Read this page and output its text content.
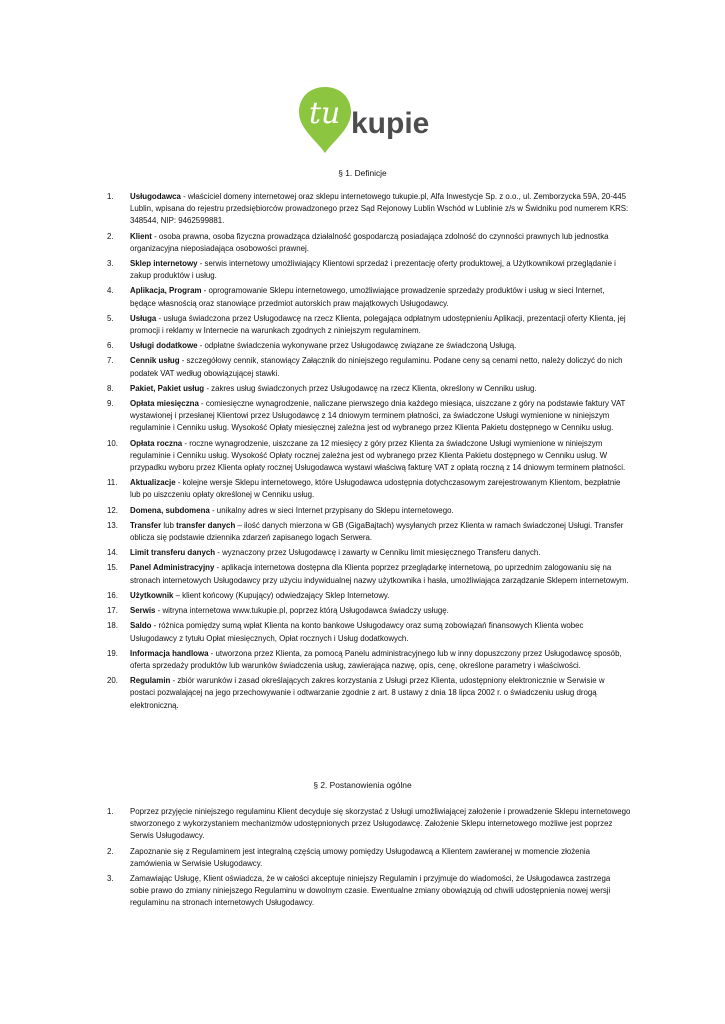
tu kupie
§ 1. Definicje
1. Usługodawca - właściciel domeny internetowej oraz sklepu internetowego tukupie.pl, Alfa Inwestycje Sp. z o.o., ul. Zemborzycka 59A, 20-445 Lublin, wpisana do rejestru przedsiębiorców prowadzonego przez Sąd Rejonowy Lublin Wschód w Lublinie z/s w Świdniku pod numerem KRS: 348544, NIP: 9462599881.
2. Klient - osoba prawna, osoba fizyczna prowadząca działalność gospodarczą posiadająca zdolność do czynności prawnych lub jednostka organizacyjna nieposiadająca osobowości prawnej.
3. Sklep internetowy - serwis internetowy umożliwiający Klientowi sprzedaż i prezentację oferty produktowej, a Użytkownikowi przeglądanie i zakup produktów i usług.
4. Aplikacja, Program - oprogramowanie Sklepu internetowego, umożliwiające prowadzenie sprzedaży produktów i usług w sieci Internet, będące własnością oraz stanowiące przedmiot autorskich praw majątkowych Usługodawcy.
5. Usługa - usługa świadczona przez Usługodawcę na rzecz Klienta, polegająca odpłatnym udostępnieniu Aplikacji, prezentacji oferty Klienta, jej promocji i reklamy w Internecie na warunkach zgodnych z niniejszym regulaminem.
6. Usługi dodatkowe - odpłatne świadczenia wykonywane przez Usługodawcę związane ze świadczoną Usługą.
7. Cennik usług - szczegółowy cennik, stanowiący Załącznik do niniejszego regulaminu. Podane ceny są cenami netto, należy doliczyć do nich podatek VAT według obowiązującej stawki.
8. Pakiet, Pakiet usług - zakres usług świadczonych przez Usługodawcę na rzecz Klienta, określony w Cenniku usług.
9. Opłata miesięczna - comiesięczne wynagrodzenie, naliczane pierwszego dnia każdego miesiąca, uiszczane z góry na podstawie faktury VAT wystawionej i przesłanej Klientowi przez Usługodawcę z 14 dniowym terminem płatności, za świadczone Usługi wymienione w niniejszym regulaminie i Cenniku usług. Wysokość Opłaty miesięcznej zależna jest od wybranego przez Klienta Pakietu dostępnego w Cenniku usług.
10. Opłata roczna - roczne wynagrodzenie, uiszczane za 12 miesięcy z góry przez Klienta za świadczone Usługi wymienione w niniejszym regulaminie i Cenniku usług. Wysokość Opłaty rocznej zależna jest od wybranego przez Klienta Pakietu dostępnego w Cenniku usług. W przypadku wyboru przez Klienta opłaty rocznej Usługodawca wystawi właściwą fakturę VAT z opłatą roczną z 14 dniowym terminem płatności.
11. Aktualizacje - kolejne wersje Sklepu internetowego, które Usługodawca udostępnia dotychczasowym zarejestrowanym Klientom, bezpłatnie lub po uiszczeniu opłaty określonej w Cenniku usług.
12. Domena, subdomena - unikalny adres w sieci Internet przypisany do Sklepu internetowego.
13. Transfer lub transfer danych – ilość danych mierzona w GB (GigaBajtach) wysyłanych przez Klienta w ramach świadczonej Usługi. Transfer oblicza się podstawie dziennika zdarzeń zapisanego logach Serwera.
14. Limit transferu danych - wyznaczony przez Usługodawcę i zawarty w Cenniku limit miesięcznego Transferu danych.
15. Panel Administracyjny - aplikacja internetowa dostępna dla Klienta poprzez przeglądarkę internetową, po uprzednim zalogowaniu się na stronach internetowych Usługodawcy przy użyciu indywidualnej nazwy użytkownika i hasła, umożliwiająca zarządzanie Sklepem internetowym.
16. Użytkownik – klient końcowy (Kupujący) odwiedzający Sklep Internetowy.
17. Serwis - witryna internetowa www.tukupie.pl, poprzez którą Usługodawca świadczy usługę.
18. Saldo - różnica pomiędzy sumą wpłat Klienta na konto bankowe Usługodawcy oraz sumą zobowiązań finansowych Klienta wobec Usługodawcy z tytułu Opłat miesięcznych, Opłat rocznych i Usług dodatkowych.
19. Informacja handlowa - utworzona przez Klienta, za pomocą Panelu administracyjnego lub w inny dopuszczony przez Usługodawcę sposób, oferta sprzedaży produktów lub warunków świadczenia usług, zawierająca nazwę, opis, cenę, określone parametry i właściwości.
20. Regulamin - zbiór warunków i zasad określających zakres korzystania z Usługi przez Klienta, udostępniony elektronicznie w Serwisie w postaci pozwalającej na jego przechowywanie i odtwarzanie zgodnie z art. 8 ustawy z dnia 18 lipca 2002 r. o świadczeniu usług drogą elektroniczną.
§ 2. Postanowienia ogólne
1. Poprzez przyjęcie niniejszego regulaminu Klient decyduje się skorzystać z Usługi umożliwiającej założenie i prowadzenie Sklepu internetowego stworzonego z wykorzystaniem mechanizmów udostępnionych przez Usługodawcę. Założenie Sklepu internetowego możliwe jest poprzez Serwis Usługodawcy.
2. Zapoznanie się z Regulaminem jest integralną częścią umowy pomiędzy Usługodawcą a Klientem zawieranej w momencie złożenia zamówienia w Serwisie Usługodawcy.
3. Zamawiając Usługę, Klient oświadcza, że w całości akceptuje niniejszy Regulamin i przyjmuje do wiadomości, że Usługodawca zastrzega sobie prawo do zmiany niniejszego Regulaminu w dowolnym czasie. Ewentualne zmiany obowiązują od chwili udostępnienia nowej wersji regulaminu na stronach internetowych Usługodawcy.
